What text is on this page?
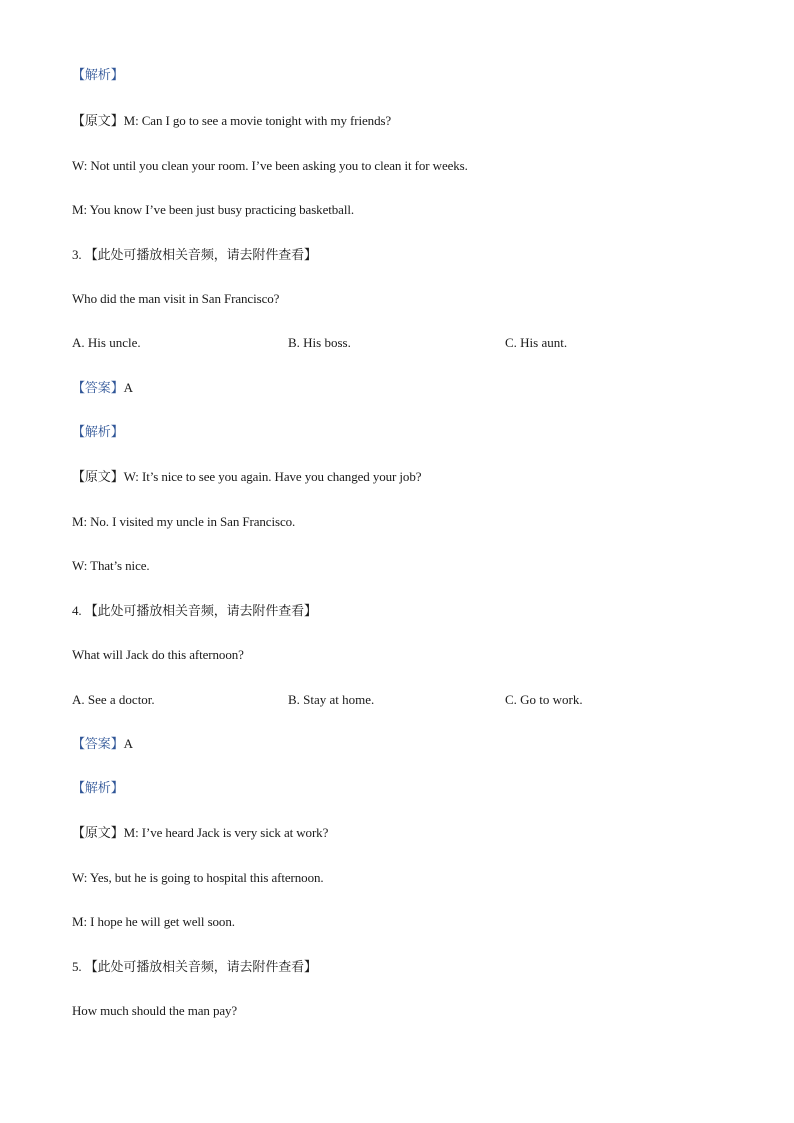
【解析】
【原文】M: Can I go to see a movie tonight with my friends?
W: Not until you clean your room. I’ve been asking you to clean it for weeks.
M: You know I’ve been just busy practicing basketball.
3. 【此处可播放相关音频，请去附件查看】
Who did the man visit in San Francisco?
A. His uncle.	B. His boss.	C. His aunt.
【答案】A
【解析】
【原文】W: It’s nice to see you again. Have you changed your job?
M: No. I visited my uncle in San Francisco.
W: That’s nice.
4. 【此处可播放相关音频，请去附件查看】
What will Jack do this afternoon?
A. See a doctor.	B. Stay at home.	C. Go to work.
【答案】A
【解析】
【原文】M: I’ve heard Jack is very sick at work?
W: Yes, but he is going to hospital this afternoon.
M: I hope he will get well soon.
5. 【此处可播放相关音频，请去附件查看】
How much should the man pay?
